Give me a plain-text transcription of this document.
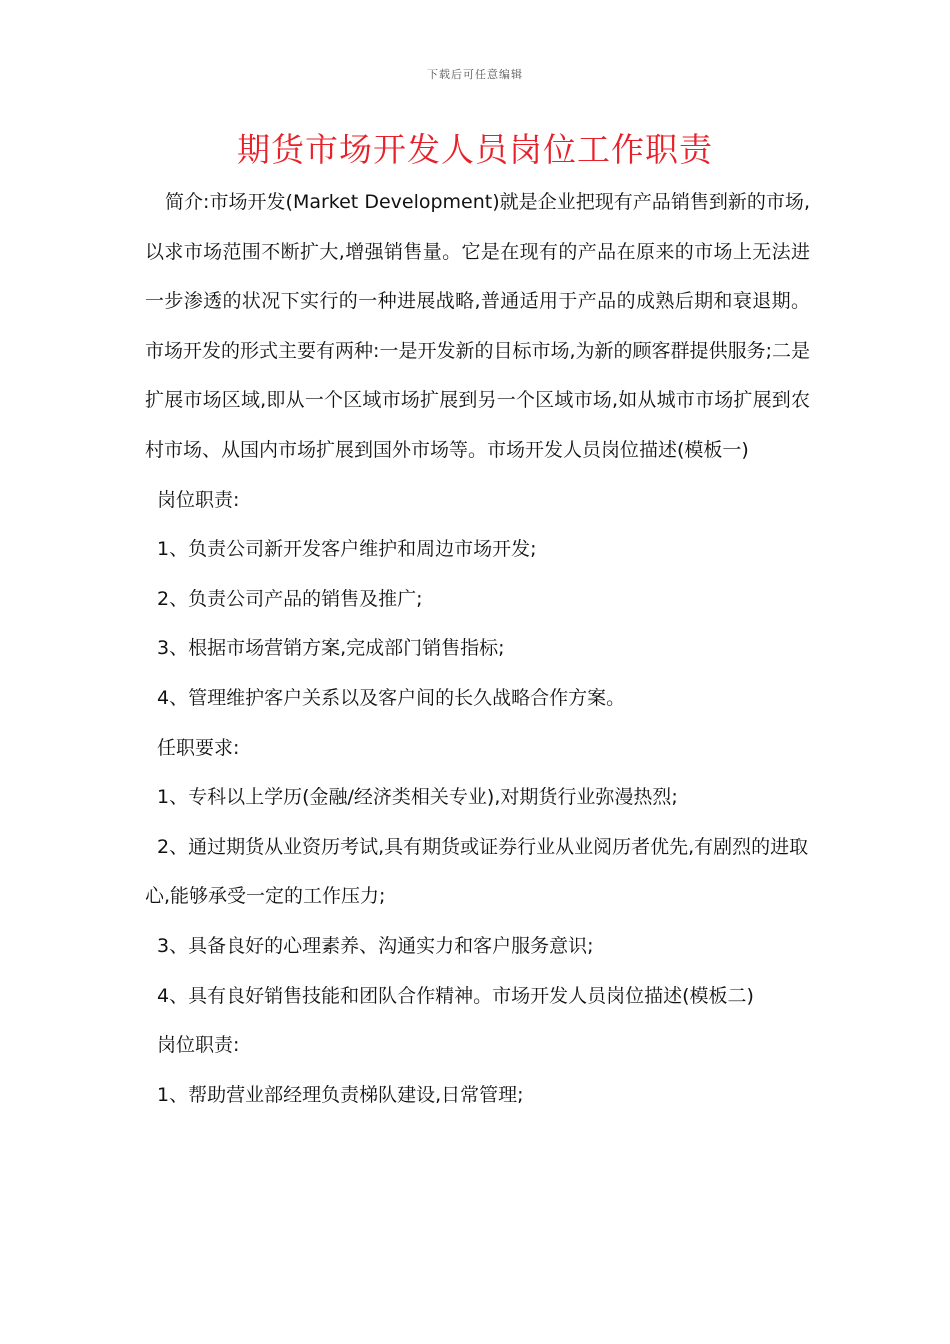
下载后可任意编辑
期货市场开发人员岗位工作职责

简介:市场开发(Market Development)就是企业把现有产品销售到新的市场,以求市场范围不断扩大,增强销售量。它是在现有的产品在原来的市场上无法进一步渗透的状况下实行的一种进展战略,普通适用于产品的成熟后期和衰退期。市场开发的形式主要有两种:一是开发新的目标市场,为新的顾客群提供服务;二是扩展市场区域,即从一个区域市场扩展到另一个区域市场,如从城市市场扩展到农村市场、从国内市场扩展到国外市场等。市场开发人员岗位描述(模板一)

岗位职责:

1、负责公司新开发客户维护和周边市场开发;

2、负责公司产品的销售及推广;

3、根据市场营销方案,完成部门销售指标;

4、管理维护客户关系以及客户间的长久战略合作方案。

任职要求:

1、专科以上学历(金融/经济类相关专业),对期货行业弥漫热烈;

2、通过期货从业资历考试,具有期货或证券行业从业阅历者优先,有剧烈的进取心,能够承受一定的工作压力;

3、具备良好的心理素养、沟通实力和客户服务意识;

4、具有良好销售技能和团队合作精神。市场开发人员岗位描述(模板二)

岗位职责:

1、帮助营业部经理负责梯队建设,日常管理;
